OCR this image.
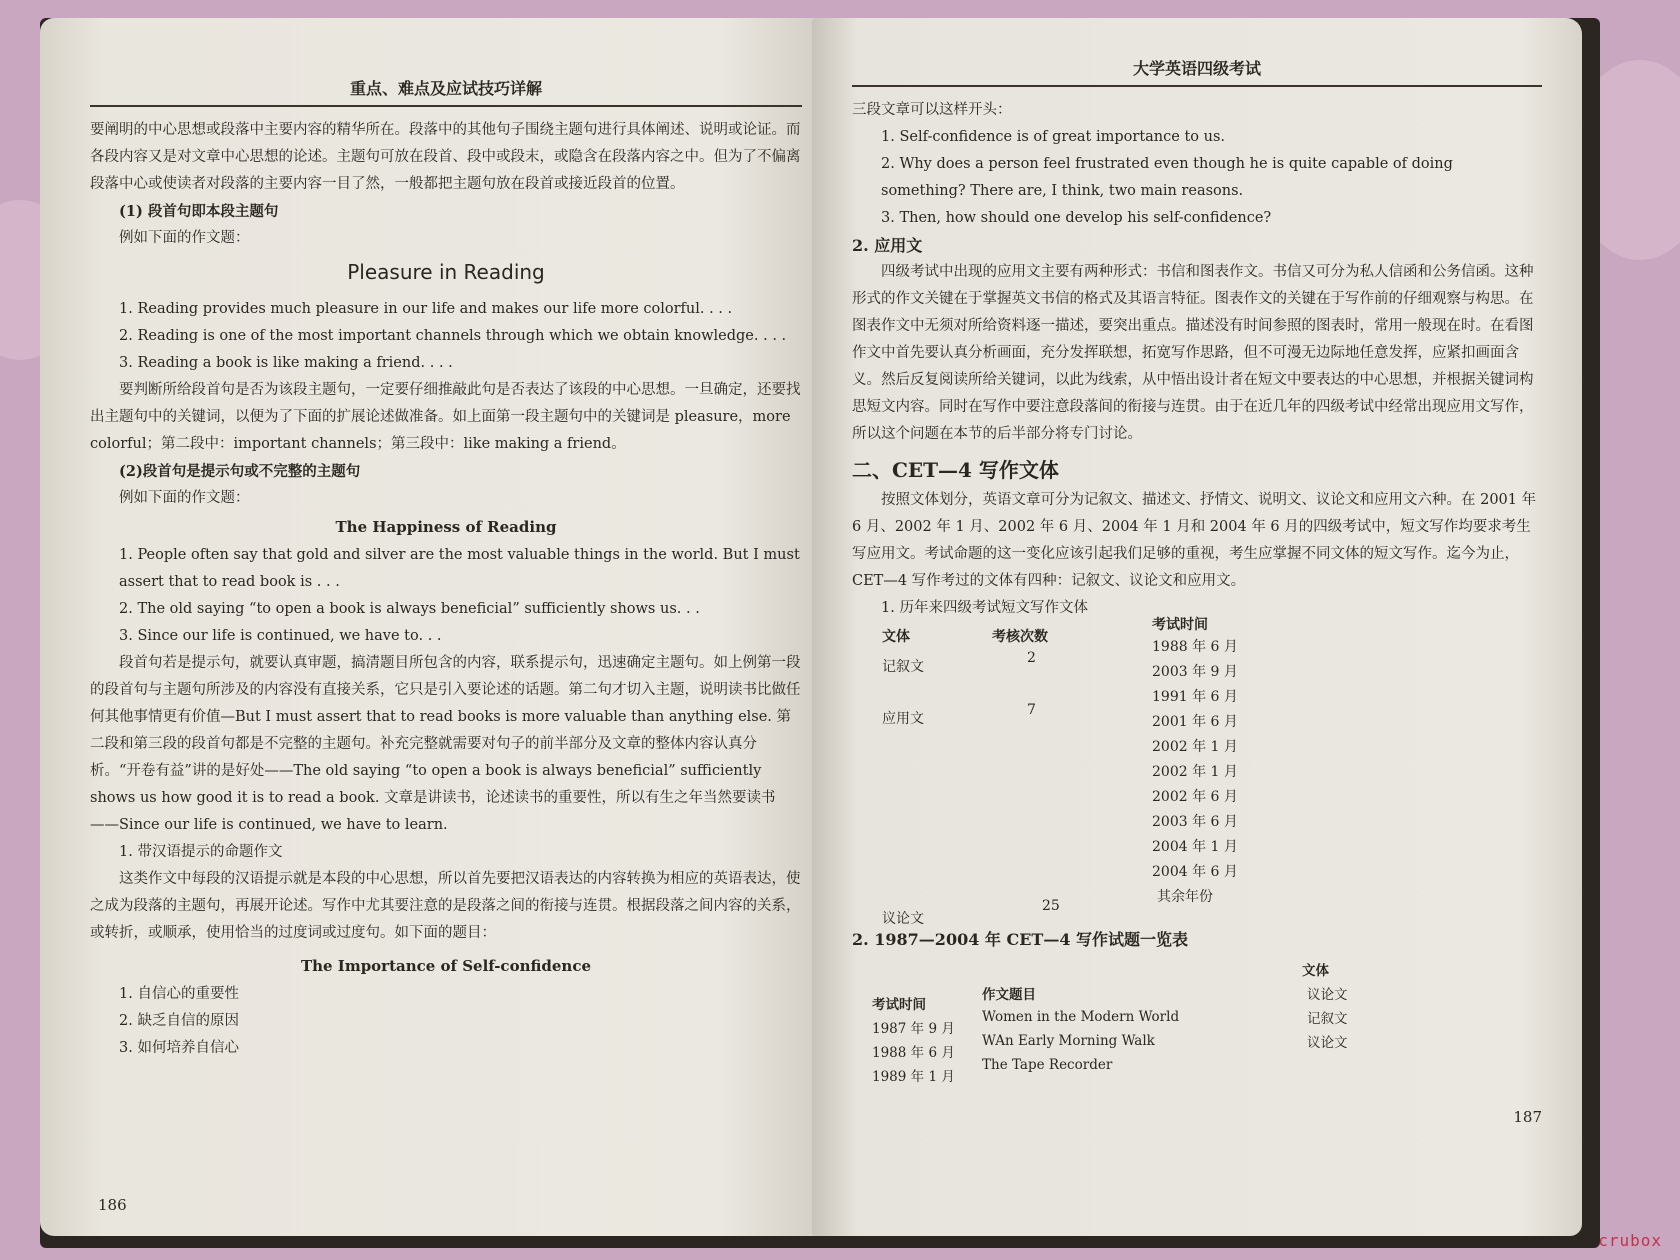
重点、难点及应试技巧详解

要阐明的中心思想或段落中主要内容的精华所在。段落中的其他句子围绕主题句进行具体阐述、说明或论证。而各段内容又是对文章中心思想的论述。主题句可放在段首、段中或段末，或隐含在段落内容之中。但为了不偏离段落中心或使读者对段落的主要内容一目了然，一般都把主题句放在段首或接近段首的位置。

(1) 段首句即本段主题句

例如下面的作文题：

Pleasure in Reading

1. Reading provides much pleasure in our life and makes our life more colorful. . . .

2. Reading is one of the most important channels through which we obtain knowledge. . . .

3. Reading a book is like making a friend. . . .

要判断所给段首句是否为该段主题句，一定要仔细推敲此句是否表达了该段的中心思想。一旦确定，还要找出主题句中的关键词，以便为了下面的扩展论述做准备。如上面第一段主题句中的关键词是 pleasure，more colorful；第二段中：important channels；第三段中：like making a friend。

(2)段首句是提示句或不完整的主题句

例如下面的作文题：

The Happiness of Reading

1. People often say that gold and silver are the most valuable things in the world. But I must assert that to read book is . . .

2. The old saying “to open a book is always beneficial” sufficiently shows us. . .

3. Since our life is continued, we have to. . .

段首句若是提示句，就要认真审题，搞清题目所包含的内容，联系提示句，迅速确定主题句。如上例第一段的段首句与主题句所涉及的内容没有直接关系，它只是引入要论述的话题。第二句才切入主题，说明读书比做任何其他事情更有价值—But I must assert that to read books is more valuable than anything else. 第二段和第三段的段首句都是不完整的主题句。补充完整就需要对句子的前半部分及文章的整体内容认真分析。“开卷有益”讲的是好处——The old saying “to open a book is always beneficial” sufficiently shows us how good it is to read a book. 文章是讲读书，论述读书的重要性，所以有生之年当然要读书——Since our life is continued, we have to learn.

1. 带汉语提示的命题作文

这类作文中每段的汉语提示就是本段的中心思想，所以首先要把汉语表达的内容转换为相应的英语表达，使之成为段落的主题句，再展开论述。写作中尤其要注意的是段落之间的衔接与连贯。根据段落之间内容的关系，或转折，或顺承，使用恰当的过度词或过度句。如下面的题目：

The Importance of Self-confidence

1. 自信心的重要性

2. 缺乏自信的原因

3. 如何培养自信心

186
大学英语四级考试

三段文章可以这样开头：

1. Self-confidence is of great importance to us.

2. Why does a person feel frustrated even though he is quite capable of doing something? There are, I think, two main reasons.

3. Then, how should one develop his self-confidence?

2. 应用文

四级考试中出现的应用文主要有两种形式：书信和图表作文。书信又可分为私人信函和公务信函。这种形式的作文关键在于掌握英文书信的格式及其语言特征。图表作文的关键在于写作前的仔细观察与构思。在图表作文中无须对所给资料逐一描述，要突出重点。描述没有时间参照的图表时，常用一般现在时。在看图作文中首先要认真分析画面，充分发挥联想，拓宽写作思路，但不可漫无边际地任意发挥，应紧扣画面含义。然后反复阅读所给关键词，以此为线索，从中悟出设计者在短文中要表达的中心思想，并根据关键词构思短文内容。同时在写作中要注意段落间的衔接与连贯。由于在近几年的四级考试中经常出现应用文写作，所以这个问题在本节的后半部分将专门讨论。

二、CET—4 写作文体

按照文体划分，英语文章可分为记叙文、描述文、抒情文、说明文、议论文和应用文六种。在 2001 年 6 月、2002 年 1 月、2002 年 6 月、2004 年 1 月和 2004 年 6 月的四级考试中，短文写作均要求考生写应用文。考试命题的这一变化应该引起我们足够的重视，考生应掌握不同文体的短文写作。迄今为止，CET—4 写作考过的文体有四种：记叙文、议论文和应用文。

1. 历年来四级考试短文写作文体

文体	考核次数
考试时间
记叙文
2
应用文
7
议论文
25
1988 年 6 月
2003 年 9 月
1991 年 6 月
2001 年 6 月
2002 年 1 月
2002 年 1 月
2002 年 6 月
2003 年 6 月
2004 年 1 月
2004 年 6 月
其余年份

2. 1987—2004 年 CET—4 写作试题一览表

考试时间
作文题目
文体
1987 年 9 月
Women in the Modern World
议论文
1988 年 6 月
WAn Early Morning Walk
记叙文
1989 年 1 月
The Tape Recorder
议论文
187
crubox
